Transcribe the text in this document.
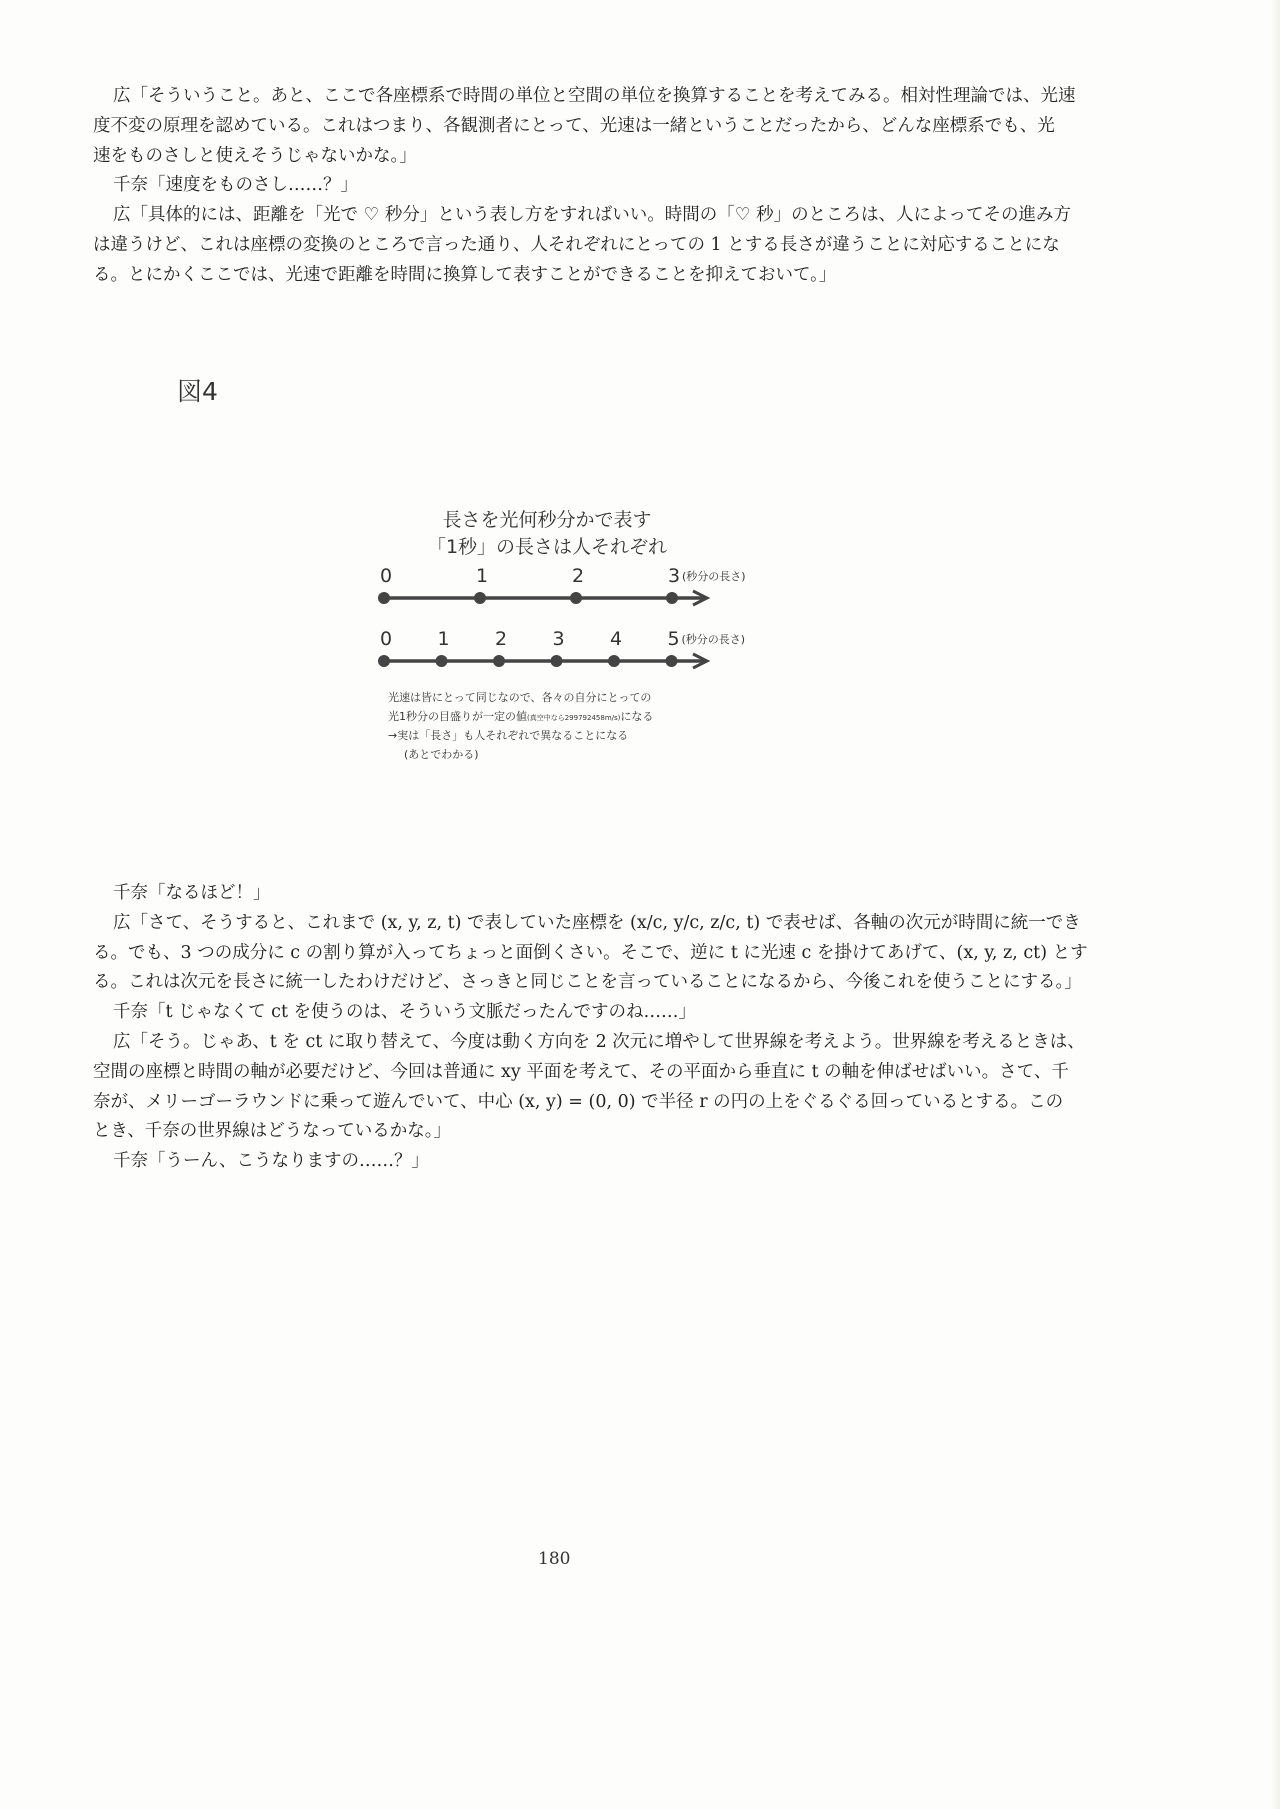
広「そういうこと。あと、ここで各座標系で時間の単位と空間の単位を換算することを考えてみる。相対性理論では、光速
度不変の原理を認めている。これはつまり、各観測者にとって、光速は一緒ということだったから、どんな座標系でも、光
速をものさしと使えそうじゃないかな。」
千奈「速度をものさし……？」
広「具体的には、距離を「光で ♡ 秒分」という表し方をすればいい。時間の「♡ 秒」のところは、人によってその進み方
は違うけど、これは座標の変換のところで言った通り、人それぞれにとっての 1 とする長さが違うことに対応することにな
る。とにかくここでは、光速で距離を時間に換算して表すことができることを抑えておいて。」
図4
長さを光何秒分かで表す
「1秒」の長さは人それぞれ
0	1	2	3 (秒分の長さ)
0 1 2 3 4 5 (秒分の長さ)
光速は皆にとって同じなので、各々の自分にとっての
光1秒分の目盛りが一定の値(真空中なら299792458m/s)になる
→実は「長さ」も人それぞれで異なることになる
(あとでわかる)
千奈「なるほど！」
広「さて、そうすると、これまで (x, y, z, t) で表していた座標を (x/c, y/c, z/c, t) で表せば、各軸の次元が時間に統一でき
る。でも、3 つの成分に c の割り算が入ってちょっと面倒くさい。そこで、逆に t に光速 c を掛けてあげて、(x, y, z, ct) とす
る。これは次元を長さに統一したわけだけど、さっきと同じことを言っていることになるから、今後これを使うことにする。」
千奈「t じゃなくて ct を使うのは、そういう文脈だったんですのね……」
広「そう。じゃあ、t を ct に取り替えて、今度は動く方向を 2 次元に増やして世界線を考えよう。世界線を考えるときは、
空間の座標と時間の軸が必要だけど、今回は普通に xy 平面を考えて、その平面から垂直に t の軸を伸ばせばいい。さて、千
奈が、メリーゴーラウンドに乗って遊んでいて、中心 (x, y) = (0, 0) で半径 r の円の上をぐるぐる回っているとする。この
とき、千奈の世界線はどうなっているかな。」
千奈「うーん、こうなりますの……？」
180
